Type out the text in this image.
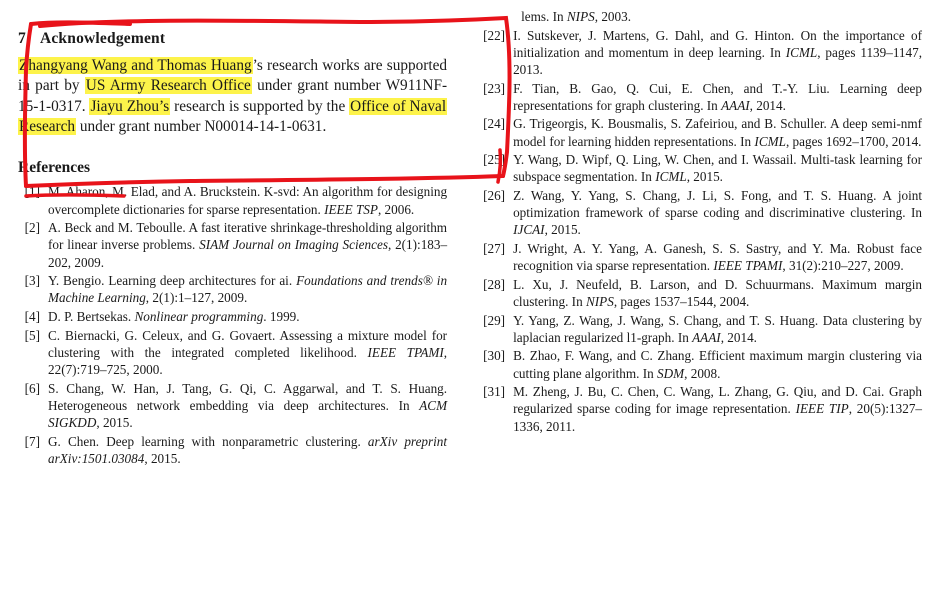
7 Acknowledgement

Zhangyang Wang and Thomas Huang’s research works are supported in part by US Army Research Office under grant number W911NF-15-1-0317. Jiayu Zhou’s research is supported by the Office of Naval Research under grant number N00014-14-1-0631.

References
[1] M. Aharon, M. Elad, and A. Bruckstein. K-svd: An algorithm for designing overcomplete dictionaries for sparse representation. IEEE TSP, 2006.
[2] A. Beck and M. Teboulle. A fast iterative shrinkage-thresholding algorithm for linear inverse problems. SIAM Journal on Imaging Sciences, 2(1):183–202, 2009.
[3] Y. Bengio. Learning deep architectures for ai. Foundations and trends® in Machine Learning, 2(1):1–127, 2009.
[4] D. P. Bertsekas. Nonlinear programming. 1999.
[5] C. Biernacki, G. Celeux, and G. Govaert. Assessing a mixture model for clustering with the integrated completed likelihood. IEEE TPAMI, 22(7):719–725, 2000.
[6] S. Chang, W. Han, J. Tang, G. Qi, C. Aggarwal, and T. S. Huang. Heterogeneous network embedding via deep architectures. In ACM SIGKDD, 2015.
[7] G. Chen. Deep learning with nonparametric clustering. arXiv preprint arXiv:1501.03084, 2015.
lems. In NIPS, 2003.
[22] I. Sutskever, J. Martens, G. Dahl, and G. Hinton. On the importance of initialization and momentum in deep learning. In ICML, pages 1139–1147, 2013.
[23] F. Tian, B. Gao, Q. Cui, E. Chen, and T.-Y. Liu. Learning deep representations for graph clustering. In AAAI, 2014.
[24] G. Trigeorgis, K. Bousmalis, S. Zafeiriou, and B. Schuller. A deep semi-nmf model for learning hidden representations. In ICML, pages 1692–1700, 2014.
[25] Y. Wang, D. Wipf, Q. Ling, W. Chen, and I. Wassail. Multi-task learning for subspace segmentation. In ICML, 2015.
[26] Z. Wang, Y. Yang, S. Chang, J. Li, S. Fong, and T. S. Huang. A joint optimization framework of sparse coding and discriminative clustering. In IJCAI, 2015.
[27] J. Wright, A. Y. Yang, A. Ganesh, S. S. Sastry, and Y. Ma. Robust face recognition via sparse representation. IEEE TPAMI, 31(2):210–227, 2009.
[28] L. Xu, J. Neufeld, B. Larson, and D. Schuurmans. Maximum margin clustering. In NIPS, pages 1537–1544, 2004.
[29] Y. Yang, Z. Wang, J. Wang, S. Chang, and T. S. Huang. Data clustering by laplacian regularized l1-graph. In AAAI, 2014.
[30] B. Zhao, F. Wang, and C. Zhang. Efficient maximum margin clustering via cutting plane algorithm. In SDM, 2008.
[31] M. Zheng, J. Bu, C. Chen, C. Wang, L. Zhang, G. Qiu, and D. Cai. Graph regularized sparse coding for image representation. IEEE TIP, 20(5):1327–1336, 2011.
